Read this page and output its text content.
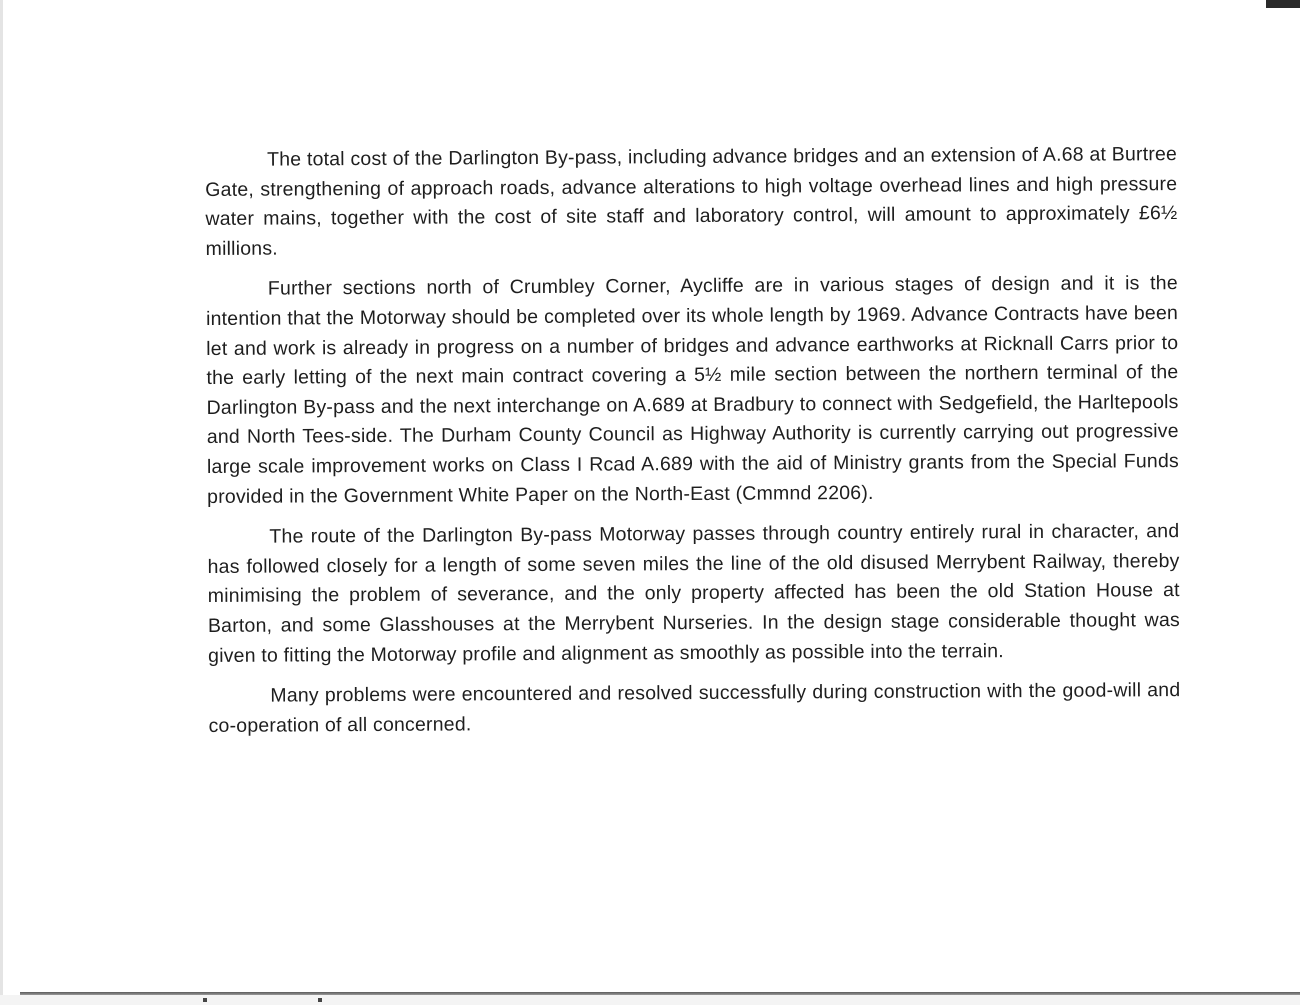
The total cost of the Darlington By-pass, including advance bridges and an extension of A.68 at Burtree Gate, strengthening of approach roads, advance alterations to high voltage overhead lines and high pressure water mains, together with the cost of site staff and laboratory control, will amount to approximately £6½ millions.

Further sections north of Crumbley Corner, Aycliffe are in various stages of design and it is the intention that the Motorway should be completed over its whole length by 1969. Advance Contracts have been let and work is already in progress on a number of bridges and advance earthworks at Ricknall Carrs prior to the early letting of the next main contract covering a 5½ mile section between the northern terminal of the Darlington By-pass and the next interchange on A.689 at Bradbury to connect with Sedgefield, the Harltepools and North Tees-side. The Durham County Council as Highway Authority is currently carrying out progressive large scale improvement works on Class I Rcad A.689 with the aid of Ministry grants from the Special Funds provided in the Government White Paper on the North-East (Cmmnd 2206).

The route of the Darlington By-pass Motorway passes through country entirely rural in character, and has followed closely for a length of some seven miles the line of the old disused Merrybent Railway, thereby minimising the problem of severance, and the only property affected has been the old Station House at Barton, and some Glasshouses at the Merrybent Nurseries. In the design stage considerable thought was given to fitting the Motorway profile and alignment as smoothly as possible into the terrain.

Many problems were encountered and resolved successfully during construction with the good-will and co-operation of all concerned.
